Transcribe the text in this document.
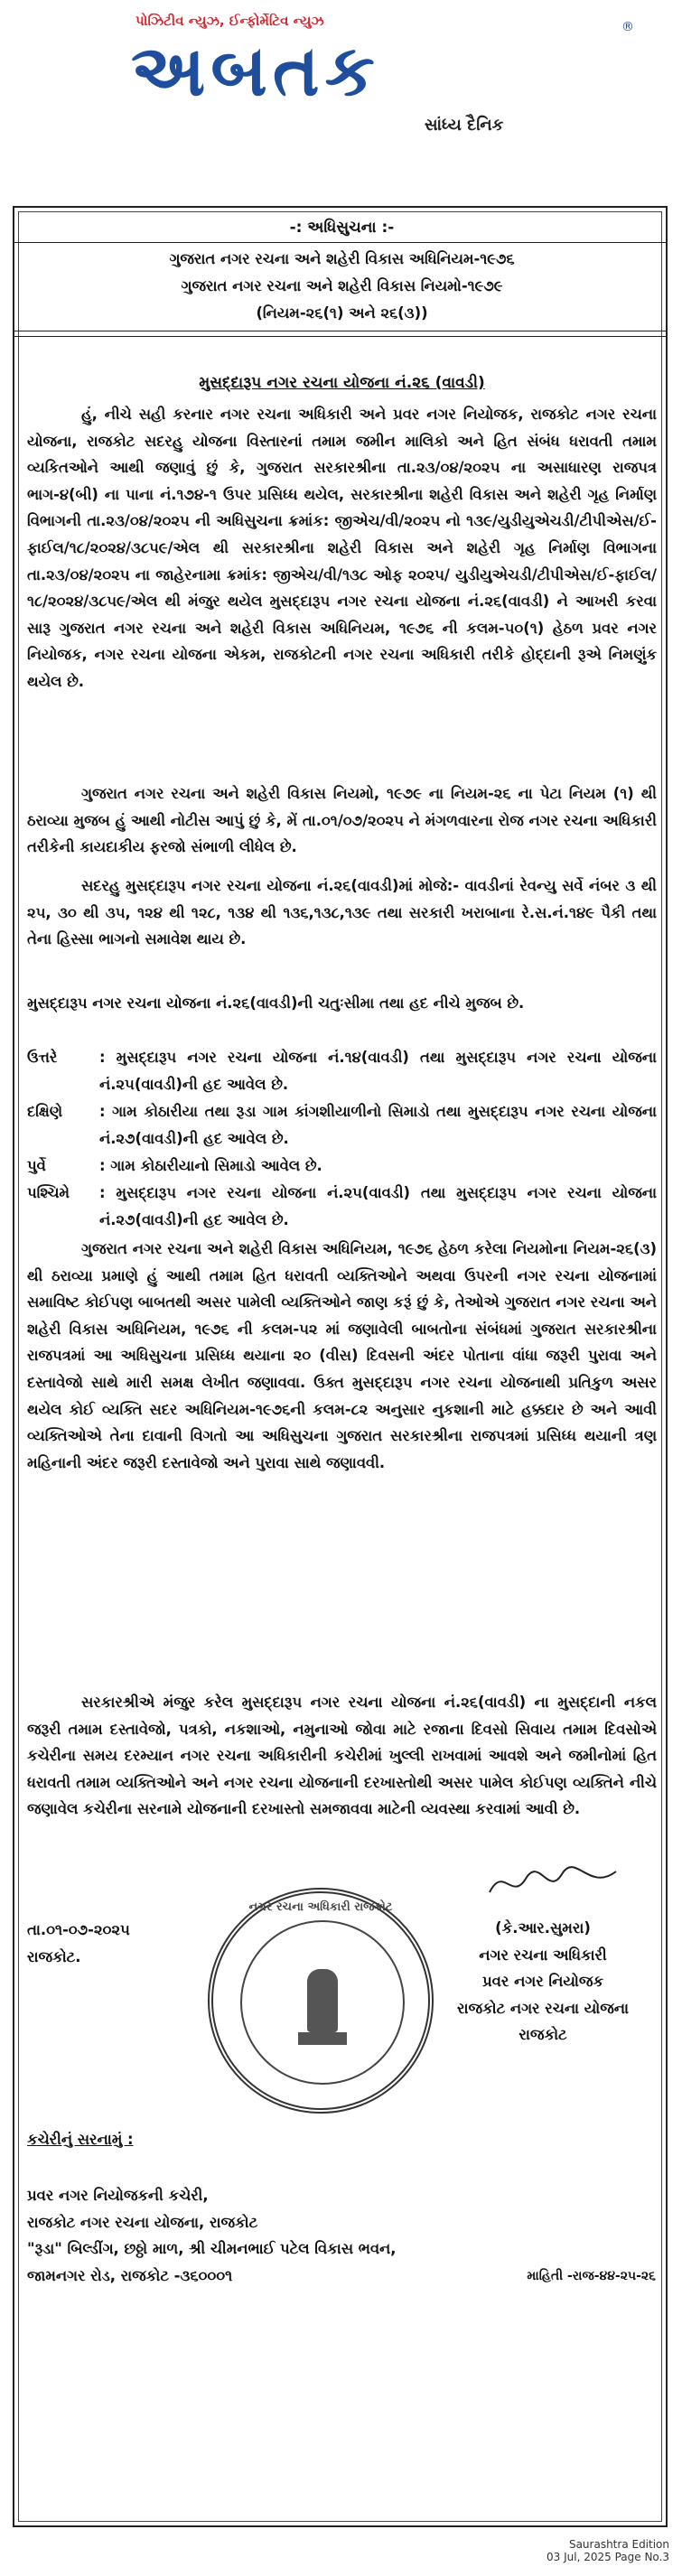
પોઝિટીવ ન્યુઝ, ઈન્ફોર્મેટિવ ન્યુઝ
અબતક
®
સાંધ્ય દૈનિક
-: અધિસુચના :-
ગુજરાત નગર રચના અને શહેરી વિકાસ અધિનિયમ-૧૯૭૬
ગુજરાત નગર રચના અને શહેરી વિકાસ નિયમો-૧૯૭૯
(નિયમ-૨૬(૧) અને ૨૬(૩))
મુસદ્દારૂપ નગર રચના યોજના નં.૨૬ (વાવડી)
હું, નીચે સહી કરનાર નગર રચના અધિકારી અને પ્રવર નગર નિયોજક, રાજકોટ નગર રચના યોજના, રાજકોટ સદરહુ યોજના વિસ્તારનાં તમામ જમીન માલિકો અને હિત સંબંધ ધરાવતી તમામ વ્યકિતઓને આથી જણાવું છું કે, ગુજરાત સરકારશ્રીના તા.૨૩/૦૪/૨૦૨૫ ના અસાધારણ રાજપત્ર ભાગ-૪(બી) ના પાના નં.૧૭૪-૧ ઉપર પ્રસિધ્ધ થયેલ, સરકારશ્રીના શહેરી વિકાસ અને શહેરી ગૃહ નિર્માણ વિભાગની તા.૨૩/૦૪/૨૦૨૫ ની અધિસુચના ક્રમાંક: જીએચ/વી/૨૦૨૫ નો ૧૩૯/યુડીયુએચડી/ટીપીએસ/ઈ-ફાઈલ/૧૮/૨૦૨૪/૩૮૫૯/એલ થી સરકારશ્રીના શહેરી વિકાસ અને શહેરી ગૃહ નિર્માણ વિભાગના તા.૨૩/૦૪/૨૦૨૫ ના જાહેરનામા ક્રમાંક: જીએચ/વી/૧૩૮ ઓફ ૨૦૨૫/ યુડીયુએચડી/ટીપીએસ/ઈ-ફાઈલ/૧૮/૨૦૨૪/૩૮૫૯/એલ થી મંજુર થયેલ મુસદ્દારૂપ નગર રચના યોજના નં.૨૬(વાવડી) ને આખરી કરવા સારૂ ગુજરાત નગર રચના અને શહેરી વિકાસ અધિનિયમ, ૧૯૭૬ ની કલમ-૫૦(૧) હેઠળ પ્રવર નગર નિયોજક, નગર રચના યોજના એકમ, રાજકોટની નગર રચના અધિકારી તરીકે હોદ્દાની રૂએ નિમણુંક થયેલ છે.
ગુજરાત નગર રચના અને શહેરી વિકાસ નિયમો, ૧૯૭૯ ના નિયમ-૨૬ ના પેટા નિયમ (૧) થી ઠરાવ્યા મુજબ હું આથી નોટીસ આપું છું કે, મેં તા.૦૧/૦૭/૨૦૨૫ ને મંગળવારના રોજ નગર રચના અધિકારી તરીકેની કાયદાકીય ફરજો સંભાળી લીધેલ છે.
સદરહુ મુસદ્દારૂપ નગર રચના યોજના નં.૨૬(વાવડી)માં મોજે:- વાવડીનાં રેવન્યુ સર્વે નંબર ૩ થી ૨૫, ૩૦ થી ૩૫, ૧૨૪ થી ૧૨૮, ૧૩૪ થી ૧૩૬,૧૩૮,૧૩૯ તથા સરકારી ખરાબાના રે.સ.નં.૧૪૯ પૈકી તથા તેના હિસ્સા ભાગનો સમાવેશ થાય છે.
મુસદ્દારૂપ નગર રચના યોજના નં.૨૬(વાવડી)ની ચતુઃસીમા તથા હદ નીચે મુજબ છે.
ઉત્તરે	: મુસદ્દારૂપ નગર રચના યોજના નં.૧૪(વાવડી) તથા મુસદ્દારૂપ નગર રચના યોજના નં.૨૫(વાવડી)ની હદ આવેલ છે.
દક્ષિણે	: ગામ કોઠારીયા તથા રૂડા ગામ કાંગશીયાળીનો સિમાડો તથા મુસદ્દારૂપ નગર રચના યોજના નં.૨૭(વાવડી)ની હદ આવેલ છે.
પુર્વે	: ગામ કોઠારીયાનો સિમાડો આવેલ છે.
પશ્ચિમે	: મુસદ્દારૂપ નગર રચના યોજના નં.૨૫(વાવડી) તથા મુસદ્દારૂપ નગર રચના યોજના નં.૨૭(વાવડી)ની હદ આવેલ છે.
ગુજરાત નગર રચના અને શહેરી વિકાસ અધિનિયમ, ૧૯૭૬ હેઠળ કરેલા નિયમોના નિયમ-૨૬(૩) થી ઠરાવ્યા પ્રમાણે હું આથી તમામ હિત ધરાવતી વ્યક્તિઓને અથવા ઉપરની નગર રચના યોજનામાં સમાવિષ્ટ કોઈપણ બાબતથી અસર પામેલી વ્યક્તિઓને જાણ કરૂં છું કે, તેઓએ ગુજરાત નગર રચના અને શહેરી વિકાસ અધિનિયમ, ૧૯૭૬ ની કલમ-૫૨ માં જણાવેલી બાબતોના સંબંધમાં ગુજરાત સરકારશ્રીના રાજપત્રમાં આ અધિસુચના પ્રસિધ્ધ થયાના ૨૦ (વીસ) દિવસની અંદર પોતાના વાંધા જરૂરી પુરાવા અને દસ્તાવેજો સાથે મારી સમક્ષ લેખીત જણાવવા. ઉક્ત મુસદ્દારૂપ નગર રચના યોજનાથી પ્રતિકુળ અસર થયેલ કોઈ વ્યક્તિ સદર અધિનિયમ-૧૯૭૬ની કલમ-૮૨ અનુસાર નુકશાની માટે હક્કદાર છે અને આવી વ્યક્તિઓએ તેના દાવાની વિગતો આ અધિસુચના ગુજરાત સરકારશ્રીના રાજપત્રમાં પ્રસિધ્ધ થયાની ત્રણ મહિનાની અંદર જરૂરી દસ્તાવેજો અને પુરાવા સાથે જણાવવી.
સરકારશ્રીએ મંજુર કરેલ મુસદ્દારૂપ નગર રચના યોજના નં.૨૬(વાવડી) ના મુસદ્દાની નકલ જરૂરી તમામ દસ્તાવેજો, પત્રકો, નકશાઓ, નમુનાઓ જોવા માટે રજાના દિવસો સિવાય તમામ દિવસોએ કચેરીના સમય દરમ્યાન નગર રચના અધિકારીની કચેરીમાં ખુલ્લી રાખવામાં આવશે અને જમીનોમાં હિત ધરાવતી તમામ વ્યક્તિઓને અને નગર રચના યોજનાની દરખાસ્તોથી અસર પામેલ કોઈપણ વ્યક્તિને નીચે જણાવેલ કચેરીના સરનામે યોજનાની દરખાસ્તો સમજાવવા માટેની વ્યવસ્થા કરવામાં આવી છે.
તા.૦૧-૦૭-૨૦૨૫
રાજકોટ.
(કે.આર.સુમરા)
નગર રચના અધિકારી
પ્રવર નગર નિયોજક
રાજકોટ નગર રચના યોજના
રાજકોટ
નગર રચના અધિકારી રાજકોટ
કચેરીનું સરનામું :
પ્રવર નગર નિયોજકની કચેરી,
રાજકોટ નગર રચના યોજના, રાજકોટ
"રૂડા" બિલ્ડીંગ, છઠ્ઠો માળ, શ્રી ચીમનભાઈ પટેલ વિકાસ ભવન,
જામનગર રોડ, રાજકોટ -૩૬૦૦૦૧	માહિતી -રાજ-૪૪-૨૫-૨૬
Saurashtra Edition
03 Jul, 2025 Page No.3
